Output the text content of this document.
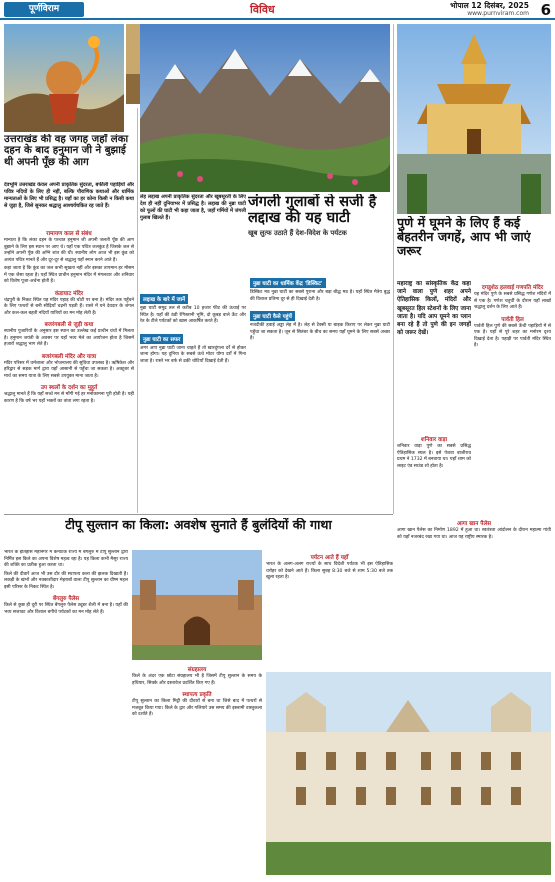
पूर्णविराम	विविध	भोपाल 12 दिसंबर, 2025
www.purnviram.com 6
उत्तराखंड की वह जगह जहाँ लंका दहन के बाद हनुमान जी ने बुझाई थी अपनी पूँछ की आग
देवभूमि उत्तराखंड केवल अपनी प्राकृतिक सुंदरता, बर्फीली पहाड़ियों और पवित्र नदियों के लिए ही नहीं, बल्कि पौराणिक कथाओं और धार्मिक मान्यताओं के लिए भी प्रसिद्ध है। यहाँ का हर कोना किसी न किसी कथा से जुड़ा है, जिसे सुनकर श्रद्धालु आश्चर्यचकित रह जाते हैं।
रामायण काल से संबंध
मान्यता है कि लंका दहन के पश्चात हनुमान जी अपनी जलती पूँछ की आग बुझाने के लिए इस स्थान पर आए थे। यहाँ एक पवित्र जलकुंड है जिसके जल से उन्होंने अपनी पूँछ की अग्नि शांत की थी। स्थानीय लोग आज भी इस कुंड को अत्यंत पवित्र मानते हैं और दूर-दूर से श्रद्धालु यहाँ स्नान करने आते हैं।
कहा जाता है कि कुंड का जल कभी सूखता नहीं और इसका तापमान हर मौसम में एक जैसा रहता है। यहाँ स्थित प्राचीन हनुमान मंदिर में मंगलवार और शनिवार को विशेष पूजा-अर्चना होती है।
कंडाघाट मंदिर
चंद्रपुरी के निकट स्थित यह मंदिर पहाड़ की चोटी पर बना है। मंदिर तक पहुँचने के लिए पत्थरों से बनी सीढ़ियाँ चढ़नी पड़ती हैं। रास्ते में घने देवदार के जंगल और कल-कल बहती नदियाँ यात्रियों का मन मोह लेती हैं।
बजरंगबली से जुड़ी कथा
स्थानीय पुजारियों के अनुसार इस स्थान का उल्लेख कई प्राचीन ग्रंथों में मिलता है। हनुमान जयंती के अवसर पर यहाँ भव्य मेले का आयोजन होता है जिसमें हजारों श्रद्धालु भाग लेते हैं।
बजरंगबली मंदिर और यात्रा
मंदिर परिसर में धर्मशाला और भोजनालय की सुविधा उपलब्ध है। ऋषिकेश और हरिद्वार से सड़क मार्ग द्वारा यहाँ आसानी से पहुँचा जा सकता है। अक्टूबर से मार्च का समय यात्रा के लिए सबसे उपयुक्त माना जाता है।
उप स्थलों के दर्शन का मुहूर्त
श्रद्धालु मानते हैं कि यहाँ सच्चे मन से माँगी गई हर मनोकामना पूरी होती है। यही कारण है कि वर्ष भर यहाँ भक्तों का तांता लगा रहता है।
लेह लद्दाख अपनी प्राकृतिक सुंदरता और खूबसूरती के लिए देश ही नहीं दुनियाभर में प्रसिद्ध है। लद्दाख की नुब्रा घाटी को फूलों की घाटी भी कहा जाता है, जहाँ गर्मियों में जंगली गुलाब खिलते हैं।
जंगली गुलाबों से सजी है लद्दाख की यह घाटी
खूब लुत्फ उठाते हैं देश-विदेश के पर्यटक
लद्दाख के बारे में जानें
नुब्रा घाटी समुद्र तल से करीब 10 हजार फीट की ऊंचाई पर स्थित है। यहाँ की ठंडी रेगिस्तानी भूमि, दो कूबड़ वाले ऊँट और रेत के टीले पर्यटकों को खास आकर्षित करते हैं।
नुब्रा घाटी का सफर
अगर आप नुब्रा घाटी जाना चाहते हैं तो खारदुंगला दर्रे से होकर जाना होगा। यह दुनिया के सबसे ऊंचे मोटर योग्य दर्रों में गिना जाता है। रास्ते भर बर्फ से ढकी चोटियाँ दिखाई देती हैं।
नुब्रा घाटी का धार्मिक केंद्र 'डिस्किट'
डिस्किट मठ नुब्रा घाटी का सबसे पुराना और बड़ा बौद्ध मठ है। यहाँ स्थित मैत्रेय बुद्ध की विशाल प्रतिमा दूर से ही दिखाई देती है।
नुब्रा घाटी कैसे पहुंचें
नजदीकी हवाई अड्डा लेह में है। लेह से टैक्सी या बाइक किराए पर लेकर नुब्रा घाटी पहुँचा जा सकता है। जून से सितंबर के बीच का समय यहाँ घूमने के लिए सबसे अच्छा है।
पुणे में घूमने के लिए हैं कई बेहतरीन जगहें, आप भी जाएं जरूर
महाराष्ट्र का सांस्कृतिक केंद्र कहा जाने वाला पुणे शहर अपने ऐतिहासिक किलों, मंदिरों और खूबसूरत हिल स्टेशनों के लिए जाना जाता है। यदि आप घूमने का प्लान बना रहे हैं तो पुणे की इन जगहों को जरूर देखें।
शनिवार वाड़ा
शनिवार वाड़ा पुणे का सबसे प्रसिद्ध ऐतिहासिक स्थल है। इसे पेशवा बाजीराव प्रथम ने 1732 में बनवाया था। यहाँ शाम को लाइट एंड साउंड शो होता है।
दगडूशेठ हलवाई गणपति मंदिर
यह मंदिर पुणे के सबसे प्रसिद्ध गणेश मंदिरों में से एक है। गणेश चतुर्थी के दौरान यहाँ लाखों श्रद्धालु दर्शन के लिए आते हैं।
पार्वती हिल
पार्वती हिल पुणे की सबसे ऊँची पहाड़ियों में से एक है। यहाँ से पूरे शहर का मनोरम दृश्य दिखाई देता है। पहाड़ी पर पार्वती मंदिर स्थित है।
आगा खान पैलेस
आगा खान पैलेस का निर्माण 1892 में हुआ था। स्वतंत्रता आंदोलन के दौरान महात्मा गांधी को यहाँ नजरबंद रखा गया था। आज यह राष्ट्रीय स्मारक है।
टीपू सुल्तान का किला: अवशेष सुनाते हैं बुलंदियों की गाथा
भारत के इतिहास महानगर में कर्नाटक राज्य में बेंगलुरु में टीपू सुल्तान द्वारा निर्मित इस किले का अपना विशेष महत्व रहा है। यह किला कभी मैसूर राज्य की शक्ति का प्रतीक हुआ करता था।
किले की दीवारें आज भी उस दौर की स्थापत्य कला की झलक दिखाती हैं। लकड़ी के खंभों और नक्काशीदार मेहराबों वाला टीपू सुल्तान का ग्रीष्म महल इसी परिसर के निकट स्थित है।
बेंगलुरु पैलेस
किले से कुछ ही दूरी पर स्थित बेंगलुरु पैलेस ट्यूडर शैली में बना है। यहाँ की भव्य सजावट और विशाल बगीचे पर्यटकों का मन मोह लेते हैं।
संग्रहालय
किले के अंदर एक छोटा संग्रहालय भी है जिसमें टीपू सुल्तान के समय के हथियार, सिक्के और दस्तावेज प्रदर्शित किए गए हैं।
स्थापत्य प्रकृति
टीपू सुल्तान का किला मिट्टी की दीवारों से बना था जिसे बाद में पत्थरों से मजबूत किया गया। किले के द्वार और गलियारे उस समय की इस्लामी वास्तुकला को दर्शाते हैं।
पर्यटन आते हैं यहाँ
भारत के अलग-अलग राज्यों के साथ विदेशी पर्यटक भी इस ऐतिहासिक धरोहर को देखने आते हैं। किला सुबह 8:30 बजे से शाम 5:30 बजे तक खुला रहता है।
